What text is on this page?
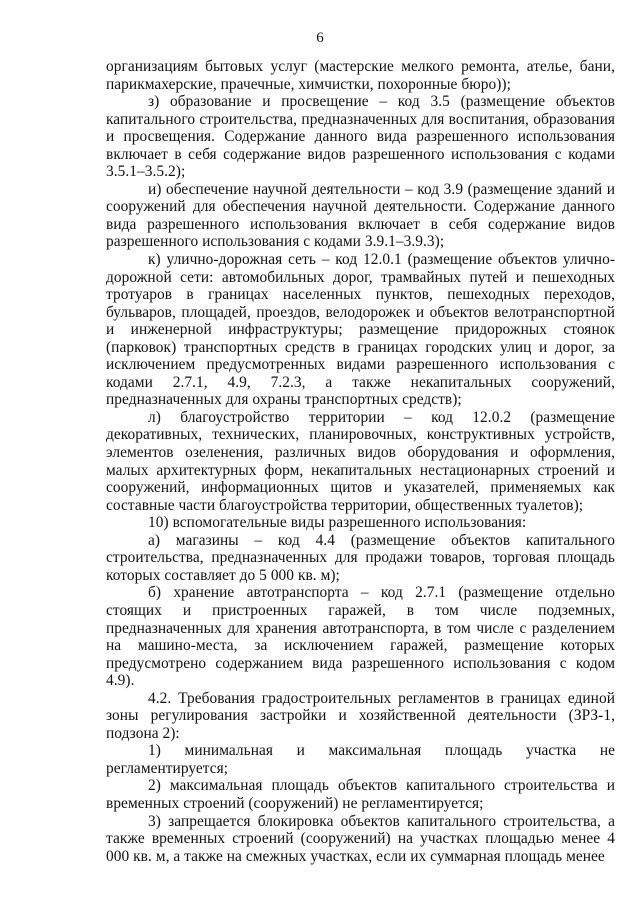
6

организациям бытовых услуг (мастерские мелкого ремонта, ателье, бани, парикмахерские, прачечные, химчистки, похоронные бюро));

з) образование и просвещение – код 3.5 (размещение объектов капитального строительства, предназначенных для воспитания, образования и просвещения. Содержание данного вида разрешенного использования включает в себя содержание видов разрешенного использования с кодами 3.5.1–3.5.2);

и) обеспечение научной деятельности – код 3.9 (размещение зданий и сооружений для обеспечения научной деятельности. Содержание данного вида разрешенного использования включает в себя содержание видов разрешенного использования с кодами 3.9.1–3.9.3);

к) улично-дорожная сеть – код 12.0.1 (размещение объектов улично-дорожной сети: автомобильных дорог, трамвайных путей и пешеходных тротуаров в границах населенных пунктов, пешеходных переходов, бульваров, площадей, проездов, велодорожек и объектов велотранспортной и инженерной инфраструктуры; размещение придорожных стоянок (парковок) транспортных средств в границах городских улиц и дорог, за исключением предусмотренных видами разрешенного использования с кодами 2.7.1, 4.9, 7.2.3, а также некапитальных сооружений, предназначенных для охраны транспортных средств);

л) благоустройство территории – код 12.0.2 (размещение декоративных, технических, планировочных, конструктивных устройств, элементов озеленения, различных видов оборудования и оформления, малых архитектурных форм, некапитальных нестационарных строений и сооружений, информационных щитов и указателей, применяемых как составные части благоустройства территории, общественных туалетов);

10) вспомогательные виды разрешенного использования:

а) магазины – код 4.4 (размещение объектов капитального строительства, предназначенных для продажи товаров, торговая площадь которых составляет до 5 000 кв. м);

б) хранение автотранспорта – код 2.7.1 (размещение отдельно стоящих и пристроенных гаражей, в том числе подземных, предназначенных для хранения автотранспорта, в том числе с разделением на машино-места, за исключением гаражей, размещение которых предусмотрено содержанием вида разрешенного использования с кодом 4.9).

4.2. Требования градостроительных регламентов в границах единой зоны регулирования застройки и хозяйственной деятельности (ЗРЗ-1, подзона 2):

1) минимальная и максимальная площадь участка не регламентируется;

2) максимальная площадь объектов капитального строительства и временных строений (сооружений) не регламентируется;

3) запрещается блокировка объектов капитального строительства, а также временных строений (сооружений) на участках площадью менее 4 000 кв. м, а также на смежных участках, если их суммарная площадь менее
